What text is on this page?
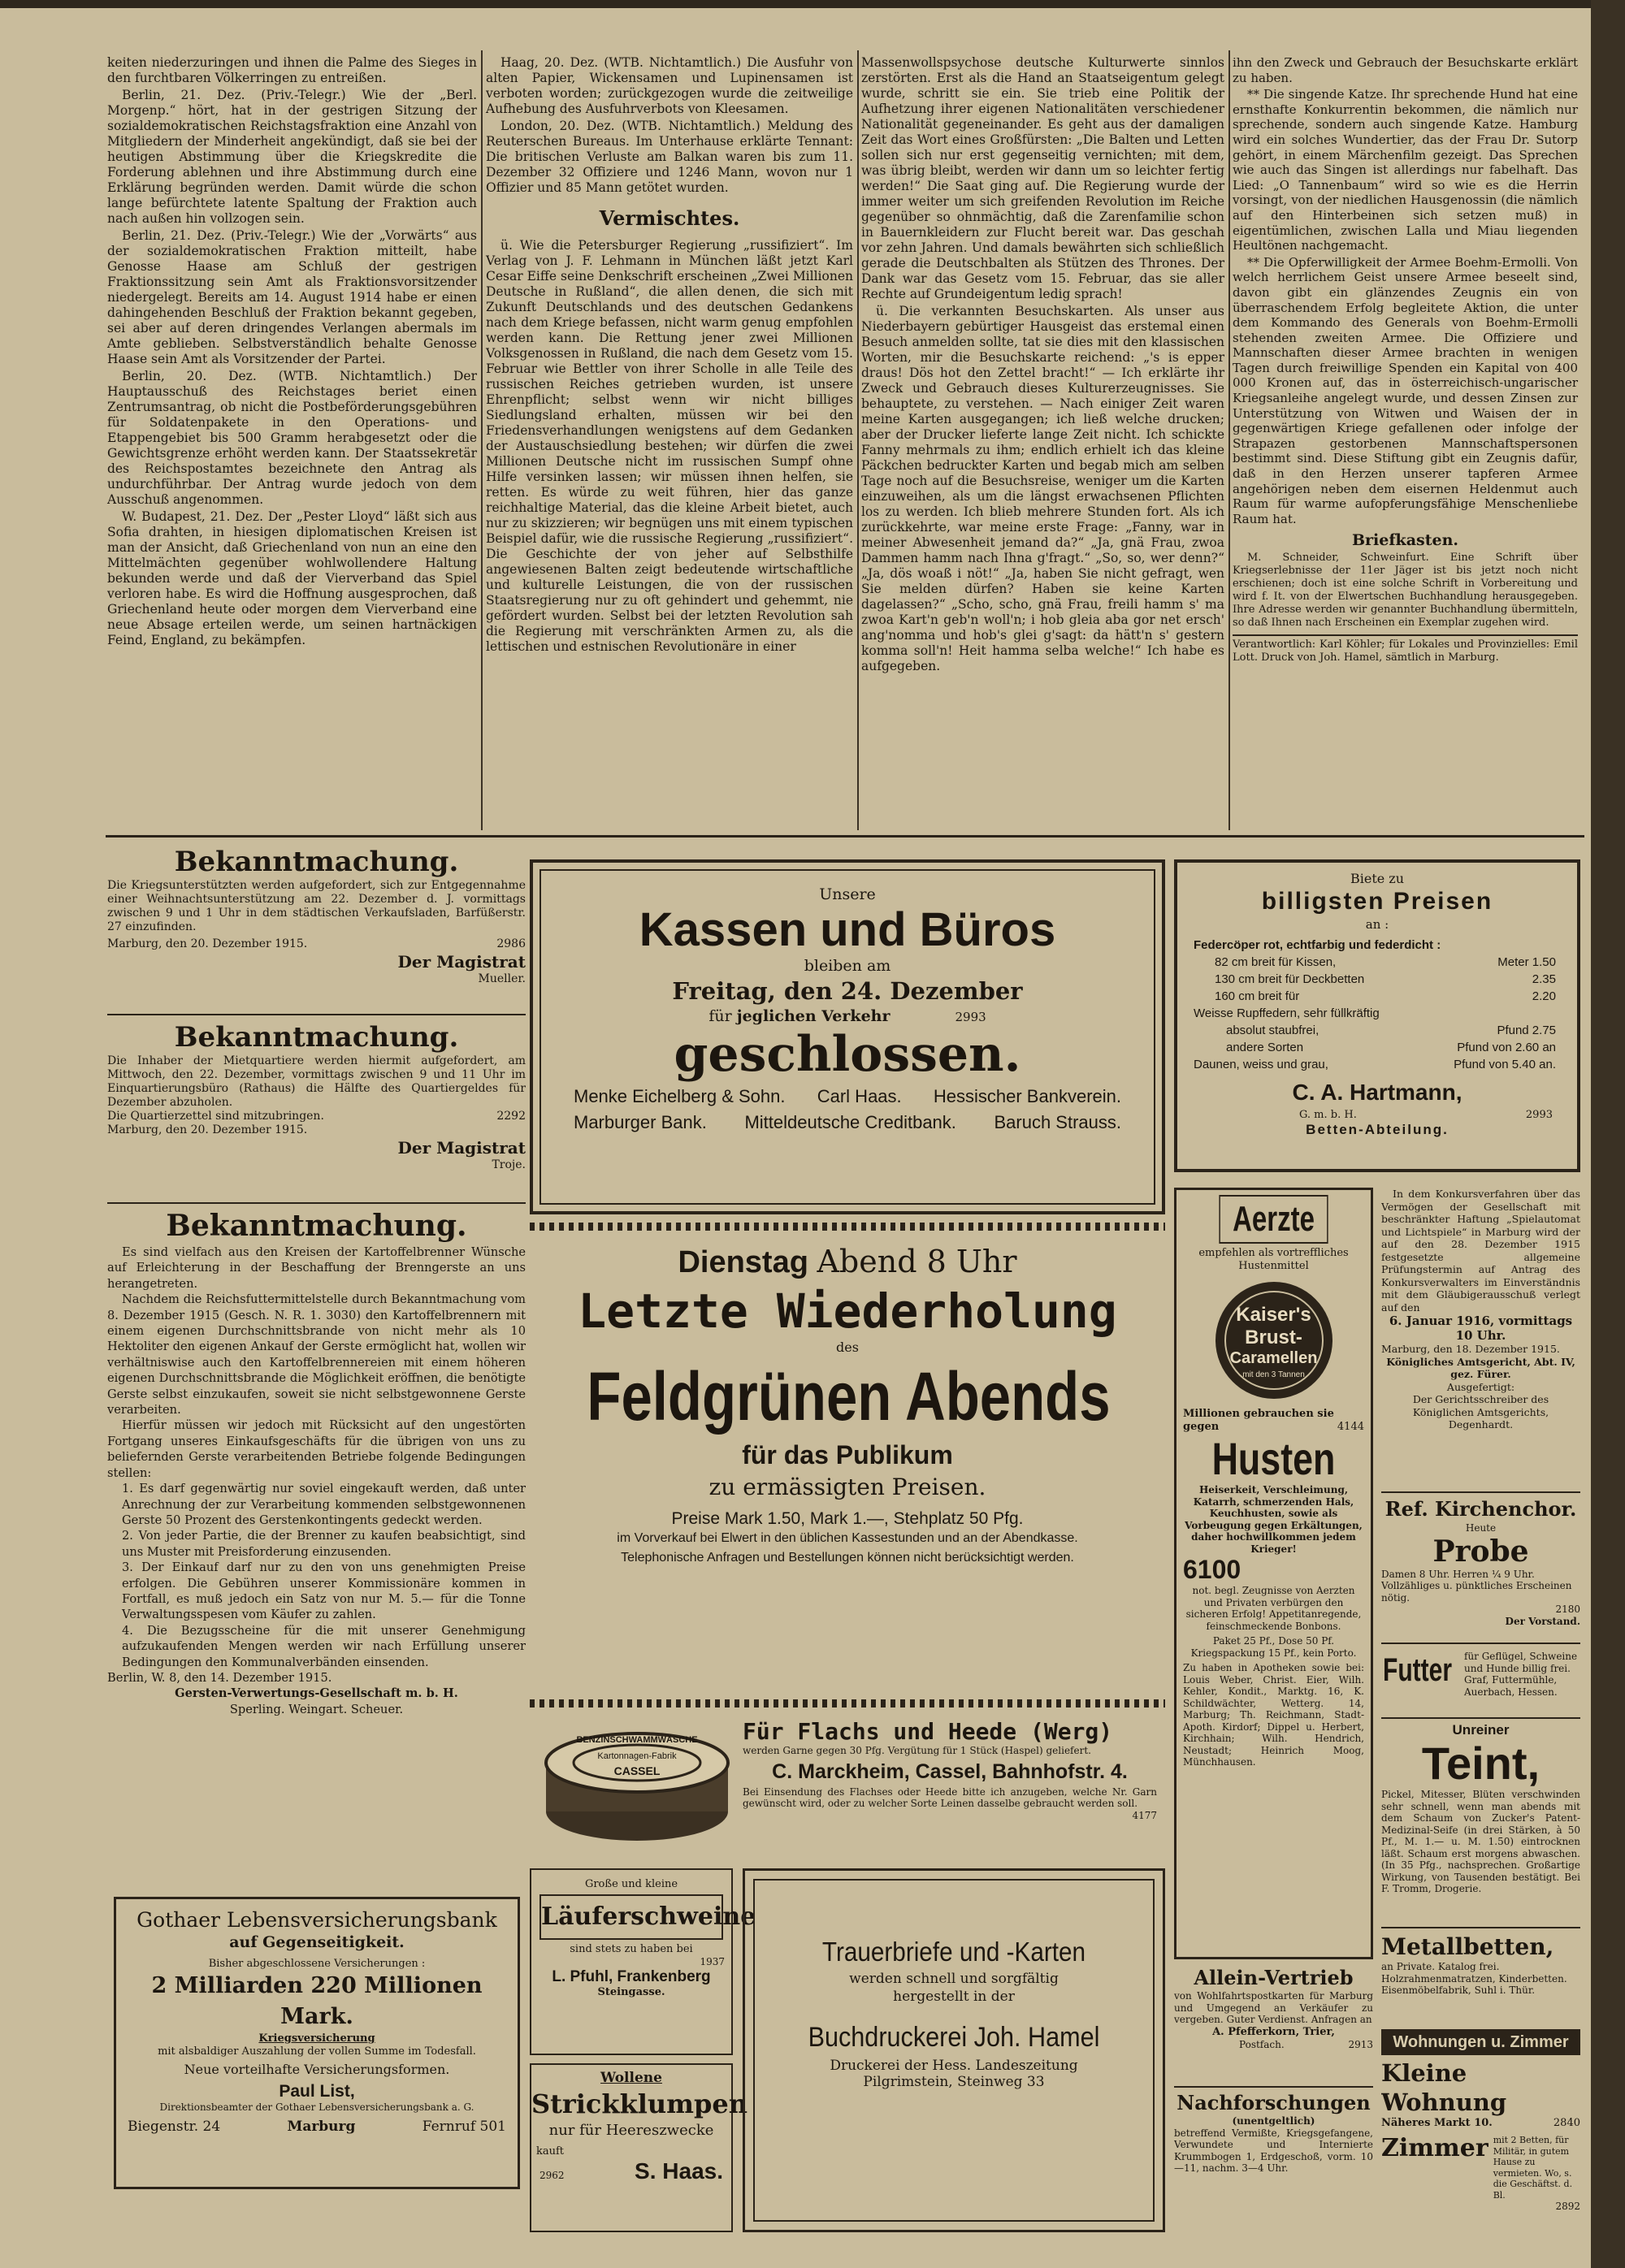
keiten niederzuringen und ihnen die Palme des Sieges in den furchtbaren Völkerringen zu entreißen.

Berlin, 21. Dez. (Priv.-Telegr.) Wie der „Berl. Morgenp.“ hört, hat in der gestrigen Sitzung der sozialdemokratischen Reichstagsfraktion eine Anzahl von Mitgliedern der Minderheit angekündigt, daß sie bei der heutigen Abstimmung über die Kriegskredite die Forderung ablehnen und ihre Abstimmung durch eine Erklärung begründen werden. Damit würde die schon lange befürchtete latente Spaltung der Fraktion auch nach außen hin vollzogen sein.

Berlin, 21. Dez. (Priv.-Telegr.) Wie der „Vorwärts“ aus der sozialdemokratischen Fraktion mitteilt, habe Genosse Haase am Schluß der gestrigen Fraktionssitzung sein Amt als Fraktionsvorsitzender niedergelegt. Bereits am 14. August 1914 habe er einen dahingehenden Beschluß der Fraktion bekannt gegeben, sei aber auf deren dringendes Verlangen abermals im Amte geblieben. Selbstverständlich behalte Genosse Haase sein Amt als Vorsitzender der Partei.

Berlin, 20. Dez. (WTB. Nichtamtlich.) Der Hauptausschuß des Reichstages beriet einen Zentrumsantrag, ob nicht die Postbeförderungsgebühren für Soldatenpakete in den Operations- und Etappengebiet bis 500 Gramm herabgesetzt oder die Gewichtsgrenze erhöht werden kann. Der Staatssekretär des Reichspostamtes bezeichnete den Antrag als undurchführbar. Der Antrag wurde jedoch von dem Ausschuß angenommen.

W. Budapest, 21. Dez. Der „Pester Lloyd“ läßt sich aus Sofia drahten, in hiesigen diplomatischen Kreisen ist man der Ansicht, daß Griechenland von nun an eine den Mittelmächten gegenüber wohlwollendere Haltung bekunden werde und daß der Vierverband das Spiel verloren habe. Es wird die Hoffnung ausgesprochen, daß Griechenland heute oder morgen dem Vierverband eine neue Absage erteilen werde, um seinen hartnäckigen Feind, England, zu bekämpfen.

Haag, 20. Dez. (WTB. Nichtamtlich.) Die Ausfuhr von alten Papier, Wickensamen und Lupinensamen ist verboten worden; zurückgezogen wurde die zeitweilige Aufhebung des Ausfuhrverbots von Kleesamen.

London, 20. Dez. (WTB. Nichtamtlich.) Meldung des Reuterschen Bureaus. Im Unterhause erklärte Tennant: Die britischen Verluste am Balkan waren bis zum 11. Dezember 32 Offiziere und 1246 Mann, wovon nur 1 Offizier und 85 Mann getötet wurden.

Vermischtes.

ü. Wie die Petersburger Regierung „russifiziert“. Im Verlag von J. F. Lehmann in München läßt jetzt Karl Cesar Eiffe seine Denkschrift erscheinen „Zwei Millionen Deutsche in Rußland“, die allen denen, die sich mit Zukunft Deutschlands und des deutschen Gedankens nach dem Kriege befassen, nicht warm genug empfohlen werden kann. Die Rettung jener zwei Millionen Volksgenossen in Rußland, die nach dem Gesetz vom 15. Februar wie Bettler von ihrer Scholle in alle Teile des russischen Reiches getrieben wurden, ist unsere Ehrenpflicht; selbst wenn wir nicht billiges Siedlungsland erhalten, müssen wir bei den Friedensverhandlungen wenigstens auf dem Gedanken der Austauschsiedlung bestehen; wir dürfen die zwei Millionen Deutsche nicht im russischen Sumpf ohne Hilfe versinken lassen; wir müssen ihnen helfen, sie retten. Es würde zu weit führen, hier das ganze reichhaltige Material, das die kleine Arbeit bietet, auch nur zu skizzieren; wir begnügen uns mit einem typischen Beispiel dafür, wie die russische Regierung „russifiziert“. Die Geschichte der von jeher auf Selbsthilfe angewiesenen Balten zeigt bedeutende wirtschaftliche und kulturelle Leistungen, die von der russischen Staatsregierung nur zu oft gehindert und gehemmt, nie gefördert wurden. Selbst bei der letzten Revolution sah die Regierung mit verschränkten Armen zu, als die lettischen und estnischen Revolutionäre in einer

Massenwollspsychose deutsche Kulturwerte sinnlos zerstörten. Erst als die Hand an Staatseigentum gelegt wurde, schritt sie ein. Sie trieb eine Politik der Aufhetzung ihrer eigenen Nationalitäten verschiedener Nationalität gegeneinander. Es geht aus der damaligen Zeit das Wort eines Großfürsten: „Die Balten und Letten sollen sich nur erst gegenseitig vernichten; mit dem, was übrig bleibt, werden wir dann um so leichter fertig werden!“ Die Saat ging auf. Die Regierung wurde der immer weiter um sich greifenden Revolution im Reiche gegenüber so ohnmächtig, daß die Zarenfamilie schon in Bauernkleidern zur Flucht bereit war. Das geschah vor zehn Jahren. Und damals bewährten sich schließlich gerade die Deutschbalten als Stützen des Thrones. Der Dank war das Gesetz vom 15. Februar, das sie aller Rechte auf Grundeigentum ledig sprach!

ü. Die verkannten Besuchskarten. Als unser aus Niederbayern gebürtiger Hausgeist das erstemal einen Besuch anmelden sollte, tat sie dies mit den klassischen Worten, mir die Besuchskarte reichend: „'s is epper draus! Dös hot den Zettel bracht!“ — Ich erklärte ihr Zweck und Gebrauch dieses Kulturerzeugnisses. Sie behauptete, zu verstehen. — Nach einiger Zeit waren meine Karten ausgegangen; ich ließ welche drucken; aber der Drucker lieferte lange Zeit nicht. Ich schickte Fanny mehrmals zu ihm; endlich erhielt ich das kleine Päckchen bedruckter Karten und begab mich am selben Tage noch auf die Besuchsreise, weniger um die Karten einzuweihen, als um die längst erwachsenen Pflichten los zu werden. Ich blieb mehrere Stunden fort. Als ich zurückkehrte, war meine erste Frage: „Fanny, war in meiner Abwesenheit jemand da?“ „Ja, gnä Frau, zwoa Dammen hamm nach Ihna g'fragt.“ „So, so, wer denn?“ „Ja, dös woaß i nöt!“ „Ja, haben Sie nicht gefragt, wen Sie melden dürfen? Haben sie keine Karten dagelassen?“ „Scho, scho, gnä Frau, freili hamm s' ma zwoa Kart'n geb'n woll'n; i hob gleia aba gor net ersch' ang'nomma und hob's glei g'sagt: da hätt'n s' gestern komma soll'n! Heit hamma selba welche!“ Ich habe es aufgegeben.

ihn den Zweck und Gebrauch der Besuchskarte erklärt zu haben.

** Die singende Katze. Ihr sprechende Hund hat eine ernsthafte Konkurrentin bekommen, die nämlich nur sprechende, sondern auch singende Katze. Hamburg wird ein solches Wundertier, das der Frau Dr. Sutorp gehört, in einem Märchenfilm gezeigt. Das Sprechen wie auch das Singen ist allerdings nur fabelhaft. Das Lied: „O Tannenbaum“ wird so wie es die Herrin vorsingt, von der niedlichen Hausgenossin (die nämlich auf den Hinterbeinen sich setzen muß) in eigentümlichen, zwischen Lalla und Miau liegenden Heultönen nachgemacht.

** Die Opferwilligkeit der Armee Boehm-Ermolli. Von welch herrlichem Geist unsere Armee beseelt sind, davon gibt ein glänzendes Zeugnis ein von überraschendem Erfolg begleitete Aktion, die unter dem Kommando des Generals von Boehm-Ermolli stehenden zweiten Armee. Die Offiziere und Mannschaften dieser Armee brachten in wenigen Tagen durch freiwillige Spenden ein Kapital von 400 000 Kronen auf, das in österreichisch-ungarischer Kriegsanleihe angelegt wurde, und dessen Zinsen zur Unterstützung von Witwen und Waisen der in gegenwärtigen Kriege gefallenen oder infolge der Strapazen gestorbenen Mannschaftspersonen bestimmt sind. Diese Stiftung gibt ein Zeugnis dafür, daß in den Herzen unserer tapferen Armee angehörigen neben dem eisernen Heldenmut auch Raum für warme aufopferungsfähige Menschenliebe Raum hat.

Briefkasten.

M. Schneider, Schweinfurt. Eine Schrift über Kriegserlebnisse der 11er Jäger ist bis jetzt noch nicht erschienen; doch ist eine solche Schrift in Vorbereitung und wird f. It. von der Elwertschen Buchhandlung herausgegeben. Ihre Adresse werden wir genannter Buchhandlung übermitteln, so daß Ihnen nach Erscheinen ein Exemplar zugehen wird.

Verantwortlich: Karl Köhler; für Lokales und Provinzielles: Emil Lott. Druck von Joh. Hamel, sämtlich in Marburg.
Bekanntmachung.
Die Kriegsunterstützten werden aufgefordert, sich zur Entgegennahme einer Weihnachtsunterstützung am 22. Dezember d. J. vormittags zwischen 9 und 1 Uhr in dem städtischen Verkaufsladen, Barfüßerstr. 27 einzufinden.
Marburg, den 20. Dezember 1915.	2986
Der Magistrat
Mueller.
Bekanntmachung.
Die Inhaber der Mietquartiere werden hiermit aufgefordert, am Mittwoch, den 22. Dezember, vormittags zwischen 9 und 11 Uhr im Einquartierungsbüro (Rathaus) die Hälfte des Quartiergeldes für Dezember abzuholen.
Die Quartierzettel sind mitzubringen.	2292
Marburg, den 20. Dezember 1915.
Der Magistrat
Troje.
Bekanntmachung.
Es sind vielfach aus den Kreisen der Kartoffelbrenner Wünsche auf Erleichterung in der Beschaffung der Brenngerste an uns herangetreten.
Nachdem die Reichsfuttermittelstelle durch Bekanntmachung vom 8. Dezember 1915 (Gesch. N. R. 1. 3030) den Kartoffelbrennern mit einem eigenen Durchschnittsbrande von nicht mehr als 10 Hektoliter den eigenen Ankauf der Gerste ermöglicht hat, wollen wir verhältniswise auch den Kartoffelbrennereien mit einem höheren eigenen Durchschnittsbrande die Möglichkeit eröffnen, die benötigte Gerste selbst einzukaufen, soweit sie nicht selbstgewonnene Gerste verarbeiten.
Hierfür müssen wir jedoch mit Rücksicht auf den ungestörten Fortgang unseres Einkaufsgeschäfts für die übrigen von uns zu beliefernden Gerste verarbeitenden Betriebe folgende Bedingungen stellen:
1. Es darf gegenwärtig nur soviel eingekauft werden, daß unter Anrechnung der zur Verarbeitung kommenden selbstgewonnenen Gerste 50 Prozent des Gerstenkontingents gedeckt werden.
2. Von jeder Partie, die der Brenner zu kaufen beabsichtigt, sind uns Muster mit Preisforderung einzusenden.
3. Der Einkauf darf nur zu den von uns genehmigten Preise erfolgen. Die Gebühren unserer Kommissionäre kommen in Fortfall, es muß jedoch ein Satz von nur M. 5.— für die Tonne Verwaltungsspesen vom Käufer zu zahlen.
4. Die Bezugsscheine für die mit unserer Genehmigung aufzukaufenden Mengen werden wir nach Erfüllung unserer Bedingungen den Kommunalverbänden einsenden.
Berlin, W. 8, den 14. Dezember 1915.
Gersten-Verwertungs-Gesellschaft m. b. H.
Sperling. Weingart. Scheuer.
Gothaer Lebensversicherungsbank
auf Gegenseitigkeit.
Bisher abgeschlossene Versicherungen :
2 Milliarden 220 Millionen Mark.
Kriegsversicherung
mit alsbaldiger Auszahlung der vollen Summe im Todesfall.
Neue vorteilhafte Versicherungsformen.
Paul List,
Direktionsbeamter der Gothaer Lebensversicherungsbank a. G.
Biegenstr. 24	Marburg	Fernruf 501
Unsere
Kassen und Büros
bleiben am
Freitag, den 24. Dezember
für jeglichen Verkehr	2993
geschlossen.
Menke Eichelberg & Sohn. Carl Haas. Hessischer Bankverein.
Marburger Bank. Mitteldeutsche Creditbank. Baruch Strauss.
Dienstag Abend 8 Uhr
Letzte Wiederholung
des
Feldgrünen Abends
für das Publikum
zu ermässigten Preisen.
Preise Mark 1.50, Mark 1.—, Stehplatz 50 Pfg.
im Vorverkauf bei Elwert in den üblichen Kassestunden und an der Abendkasse.
Telephonische Anfragen und Bestellungen können nicht berücksichtigt werden.
BENZINSCHWAMMWÄSCHE
Kartonnagen-Fabrik
CASSEL
Für Flachs und Heede (Werg)
werden Garne gegen 30 Pfg. Vergütung für 1 Stück (Haspel) geliefert.
C. Marckheim, Cassel, Bahnhofstr. 4.
Bei Einsendung des Flachses oder Heede bitte ich anzugeben, welche Nr. Garn gewünscht wird, oder zu welcher Sorte Leinen dasselbe gebraucht werden soll.
4177
Große und kleine
Läuferschweine
sind stets zu haben bei
1937
L. Pfuhl, Frankenberg
Steingasse.
Wollene
Strickklumpen
nur für Heereszwecke
kauft
2962	S. Haas.
Trauerbriefe und -Karten
werden schnell und sorgfältig hergestellt in der
Buchdruckerei Joh. Hamel
Druckerei der Hess. Landeszeitung
Pilgrimstein, Steinweg 33
Biete zu
billigsten Preisen
an :
Federcöper rot, echtfarbig und federdicht :
82 cm breit für Kissen,	Meter 1.50
130 cm breit für Deckbetten	2.35
160 cm breit für	2.20
Weisse Rupffedern, sehr füllkräftig
absolut staubfrei,	Pfund 2.75
andere Sorten	Pfund von 2.60 an
Daunen, weiss und grau,	Pfund von 5.40 an.
C. A. Hartmann,
G. m. b. H.	2993
Betten-Abteilung.
Aerzte
empfehlen als vortreffliches Hustenmittel
Kaiser's
Brust-
Caramellen
mit den 3 Tannen
Millionen gebrauchen sie
gegen	4144
Husten
Heiserkeit, Verschleimung, Katarrh, schmerzenden Hals, Keuchhusten, sowie als Vorbeugung gegen Erkältungen, daher hochwillkommen jedem Krieger!
6100
not. begl. Zeugnisse von Aerzten und Privaten verbürgen den sicheren Erfolg! Appetitanregende, feinschmeckende Bonbons.
Paket 25 Pf., Dose 50 Pf. Kriegspackung 15 Pf., kein Porto.
Zu haben in Apotheken sowie bei: Louis Weber, Christ. Eier, Wilh. Kehler, Kondit., Marktg. 16, K. Schildwächter, Wetterg. 14, Marburg; Th. Reichmann, Stadt-Apoth. Kirdorf; Dippel u. Herbert, Kirchhain; Wilh. Hendrich, Neustadt; Heinrich Moog, Münchhausen.
In dem Konkursverfahren über das Vermögen der Gesellschaft mit beschränkter Haftung „Spielautomat und Lichtspiele“ in Marburg wird der auf den 28. Dezember 1915 festgesetzte allgemeine Prüfungstermin auf Antrag des Konkursverwalters im Einverständnis mit dem Gläubigerausschuß verlegt auf den
6. Januar 1916, vormittags 10 Uhr.
Marburg, den 18. Dezember 1915.
Königliches Amtsgericht, Abt. IV, gez. Fürer.
Ausgefertigt:
Der Gerichtsschreiber des Königlichen Amtsgerichts,
Degenhardt.
Ref. Kirchenchor.
Heute
Probe
Damen 8 Uhr. Herren ¼ 9 Uhr. Vollzähliges u. pünktliches Erscheinen nötig.
2180
Der Vorstand.
Futter für Geflügel, Schweine und Hunde billig frei. Graf, Futtermühle, Auerbach, Hessen.
Unreiner
Teint,
Pickel, Mitesser, Blüten verschwinden sehr schnell, wenn man abends mit dem Schaum von Zucker's Patent-Medizinal-Seife (in drei Stärken, à 50 Pf., M. 1.— u. M. 1.50) eintrocknen läßt. Schaum erst morgens abwaschen. (In 35 Pfg., nachsprechen. Großartige Wirkung, von Tausenden bestätigt. Bei F. Tromm, Drogerie.
Allein-Vertrieb
von Wohlfahrtspostkarten für Marburg und Umgegend an Verkäufer zu vergeben. Guter Verdienst. Anfragen an
A. Pfefferkorn, Trier,
Postfach.	2913
Nachforschungen
(unentgeltlich)
betreffend Vermißte, Kriegsgefangene, Verwundete und Internierte Krummbogen 1, Erdgeschoß, vorm. 10—11, nachm. 3—4 Uhr.
Metallbetten,
an Private. Katalog frei. Holzrahmenmatratzen, Kinderbetten. Eisenmöbelfabrik, Suhl i. Thür.
Wohnungen u. Zimmer
Kleine Wohnung
Näheres Markt 10.	2840
Zimmer mit 2 Betten, für Militär, in gutem Hause zu vermieten. Wo, s. die Geschäftst. d. Bl.
2892
